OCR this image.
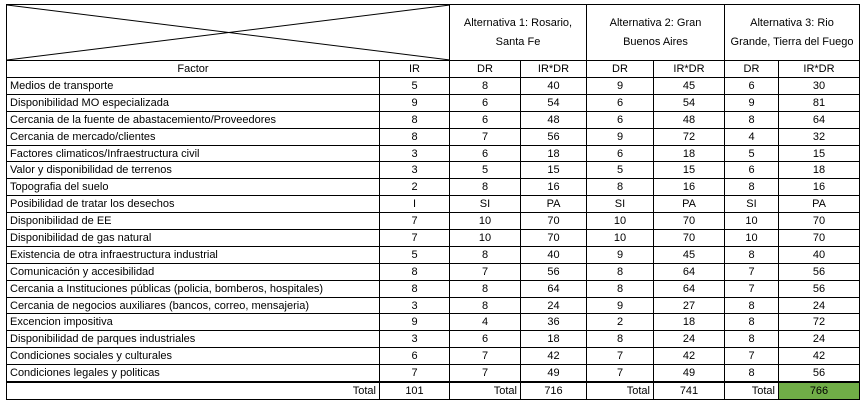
	Alternativa 1: Rosario, Santa Fe		Alternativa 2: Gran Buenos Aires		Alternativa 3: Rio Grande, Tierra del Fuego	
Factor	IR	DR	IR*DR	DR	IR*DR	DR	IR*DR
Medios de transporte	5	8	40	9	45	6	30
Disponibilidad MO especializada	9	6	54	6	54	9	81
Cercania de la fuente de abastacemiento/Proveedores	8	6	48	6	48	8	64
Cercania de mercado/clientes	8	7	56	9	72	4	32
Factores climaticos/Infraestructura civil	3	6	18	6	18	5	15
Valor y disponibilidad de terrenos	3	5	15	5	15	6	18
Topografia del suelo	2	8	16	8	16	8	16
Posibilidad de tratar los desechos	I	SI	PA	SI	PA	SI	PA
Disponibilidad de EE	7	10	70	10	70	10	70
Disponibilidad de gas natural	7	10	70	10	70	10	70
Existencia de otra infraestructura industrial	5	8	40	9	45	8	40
Comunicación y accesibilidad	8	7	56	8	64	7	56
Cercania a Instituciones públicas (policia, bomberos, hospitales)	8	8	64	8	64	7	56
Cercania de negocios auxiliares (bancos, correo, mensajeria)	3	8	24	9	27	8	24
Excencion impositiva	9	4	36	2	18	8	72
Disponibilidad de parques industriales	3	6	18	8	24	8	24
Condiciones sociales y culturales	6	7	42	7	42	7	42
Condiciones legales y politicas	7	7	49	7	49	8	56
Total	101	Total	716	Total	741	Total	766
